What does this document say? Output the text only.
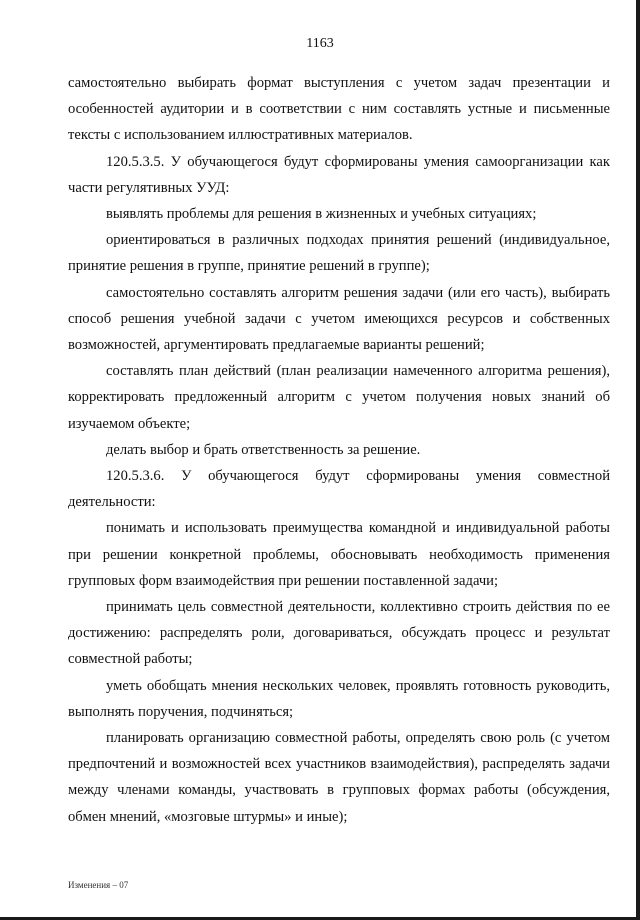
1163

самостоятельно выбирать формат выступления с учетом задач презентации и особенностей аудитории и в соответствии с ним составлять устные и письменные тексты с использованием иллюстративных материалов.

120.5.3.5. У обучающегося будут сформированы умения самоорганизации как части регулятивных УУД:

выявлять проблемы для решения в жизненных и учебных ситуациях;

ориентироваться в различных подходах принятия решений (индивидуальное, принятие решения в группе, принятие решений в группе);

самостоятельно составлять алгоритм решения задачи (или его часть), выбирать способ решения учебной задачи с учетом имеющихся ресурсов и собственных возможностей, аргументировать предлагаемые варианты решений;

составлять план действий (план реализации намеченного алгоритма решения), корректировать предложенный алгоритм с учетом получения новых знаний об изучаемом объекте;

делать выбор и брать ответственность за решение.

120.5.3.6. У обучающегося будут сформированы умения совместной деятельности:

понимать и использовать преимущества командной и индивидуальной работы при решении конкретной проблемы, обосновывать необходимость применения групповых форм взаимодействия при решении поставленной задачи;

принимать цель совместной деятельности, коллективно строить действия по ее достижению: распределять роли, договариваться, обсуждать процесс и результат совместной работы;

уметь обобщать мнения нескольких человек, проявлять готовность руководить, выполнять поручения, подчиняться;

планировать организацию совместной работы, определять свою роль (с учетом предпочтений и возможностей всех участников взаимодействия), распределять задачи между членами команды, участвовать в групповых формах работы (обсуждения, обмен мнений, «мозговые штурмы» и иные);

Изменения – 07
